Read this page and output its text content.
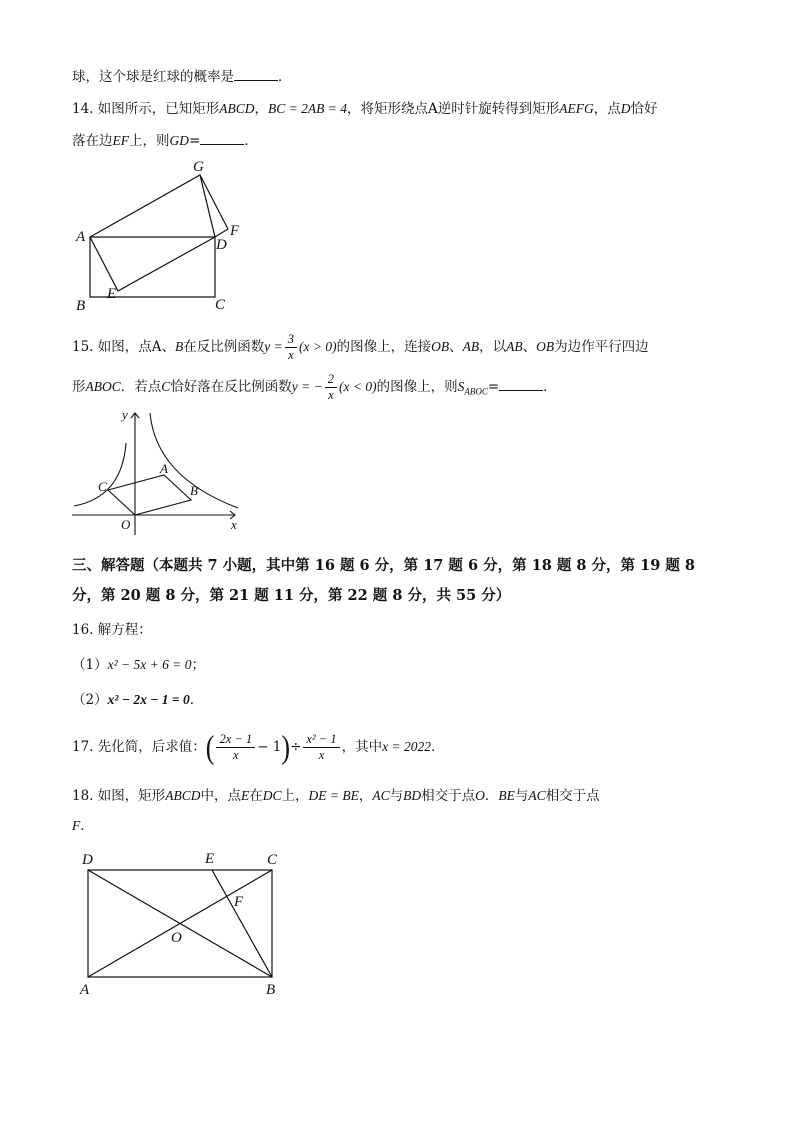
球，这个球是红球的概率是	．
14. 如图所示，已知矩形ABCD，BC = 2AB = 4，将矩形绕点A逆时针旋转得到矩形AEFG，点D恰好
落在边EF上，则GD=	．
G
A	D
F
E
B	C
15. 如图，点A、B在反比例函数$y = \frac{3}{x} (x > 0)$的图像上，连接OB、AB，以AB、OB为边作平行四边
形ABOC．若点C恰好落在反比例函数y = − $\frac{2}{x} (x < 0)$的图像上，则$S_{ABOC}=$	．
y
x
O
A
B
C
三、解答题（本题共 7 小题，其中第 16 题 6 分，第 17 题 6 分，第 18 题 8 分，第 19 题 8
分，第 20 题 8 分，第 21 题 11 分，第 22 题 8 分，共 55 分）
16. 解方程：
（1）x² − 5x + 6 = 0；
（2）x² − 2x − 1 = 0．
17. 先化简，后求值：( $\frac{2x - 1}{x} - 1)\div \frac{\text{x² − 1}}{x}$ ，其中x = 2022．
18. 如图，矩形ABCD中，点E在DC上，DE = BE，AC与BD相交于点O．BE与AC相交于点
F．
D	E	C
F
O
A	B
